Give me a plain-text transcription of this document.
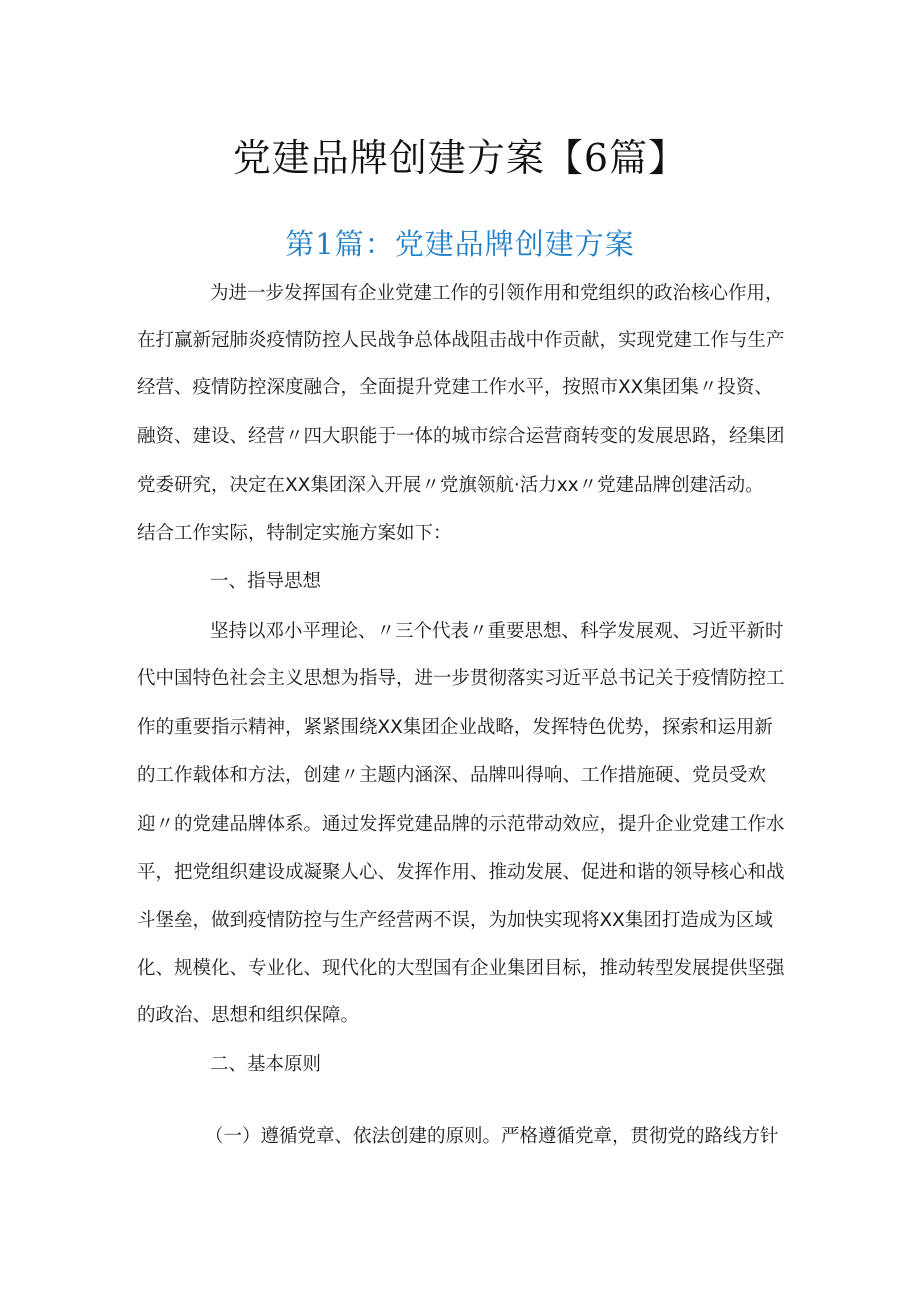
党建品牌创建方案【6篇】
第1篇：党建品牌创建方案

为进一步发挥国有企业党建工作的引领作用和党组织的政治核心作用，

在打赢新冠肺炎疫情防控人民战争总体战阻击战中作贡献，实现党建工作与生产

经营、疫情防控深度融合，全面提升党建工作水平，按照市XX集团集〃投资、

融资、建设、经营〃四大职能于一体的城市综合运营商转变的发展思路，经集团

党委研究，决定在XX集团深入开展〃党旗领航·活力xx〃党建品牌创建活动。

结合工作实际，特制定实施方案如下：

一、指导思想

坚持以邓小平理论、〃三个代表〃重要思想、科学发展观、习近平新时

代中国特色社会主义思想为指导，进一步贯彻落实习近平总书记关于疫情防控工

作的重要指示精神，紧紧围绕XX集团企业战略，发挥特色优势，探索和运用新

的工作载体和方法，创建〃主题内涵深、品牌叫得响、工作措施硬、党员受欢

迎〃的党建品牌体系。通过发挥党建品牌的示范带动效应，提升企业党建工作水

平，把党组织建设成凝聚人心、发挥作用、推动发展、促进和谐的领导核心和战

斗堡垒，做到疫情防控与生产经营两不误，为加快实现将XX集团打造成为区域

化、规模化、专业化、现代化的大型国有企业集团目标，推动转型发展提供坚强

的政治、思想和组织保障。

二、基本原则

（一）遵循党章、依法创建的原则。严格遵循党章，贯彻党的路线方针
